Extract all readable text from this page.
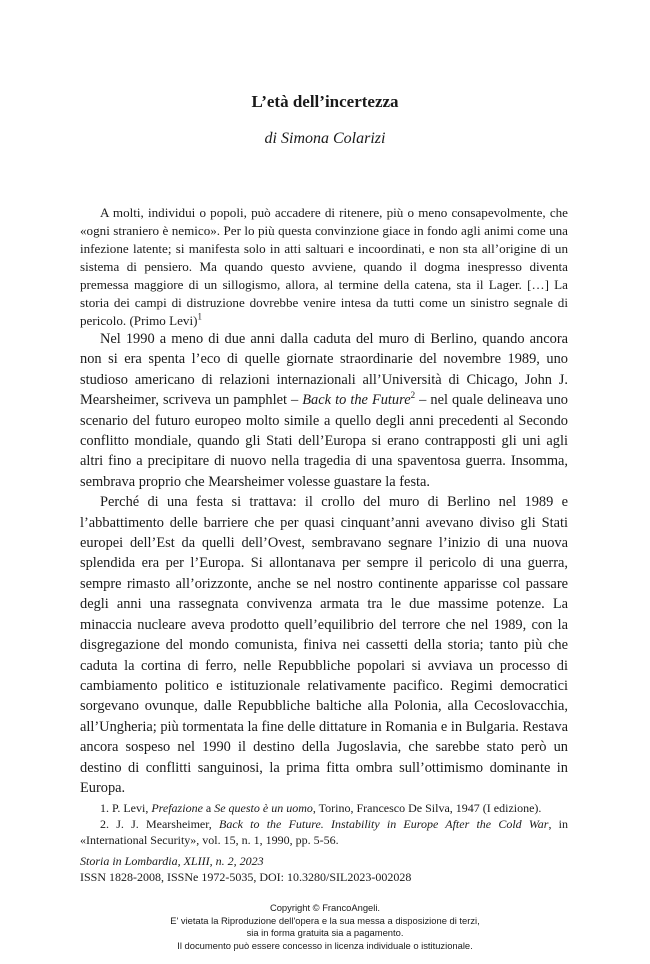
L’età dell’incertezza
di Simona Colarizi

A molti, individui o popoli, può accadere di ritenere, più o meno consapevolmente, che «ogni straniero è nemico». Per lo più questa convinzione giace in fondo agli animi come una infezione latente; si manifesta solo in atti saltuari e incoordinati, e non sta all’origine di un sistema di pensiero. Ma quando questo avviene, quando il dogma inespresso diventa premessa maggiore di un sillogismo, allora, al termine della catena, sta il Lager. […] La storia dei campi di distruzione dovrebbe venire intesa da tutti come un sinistro segnale di pericolo. (Primo Levi)$^1$

Nel 1990 a meno di due anni dalla caduta del muro di Berlino, quando ancora non si era spenta l’eco di quelle giornate straordinarie del novembre 1989, uno studioso americano di relazioni internazionali all’Università di Chicago, John J. Mearsheimer, scriveva un pamphlet – Back to the Future$^2$ – nel quale delineava uno scenario del futuro europeo molto simile a quello degli anni precedenti al Secondo conflitto mondiale, quando gli Stati dell’Europa si erano contrapposti gli uni agli altri fino a precipitare di nuovo nella tragedia di una spaventosa guerra. Insomma, sembrava proprio che Mearsheimer volesse guastare la festa.

Perché di una festa si trattava: il crollo del muro di Berlino nel 1989 e l’abbattimento delle barriere che per quasi cinquant’anni avevano diviso gli Stati europei dell’Est da quelli dell’Ovest, sembravano segnare l’inizio di una nuova splendida era per l’Europa. Si allontanava per sempre il pericolo di una guerra, sempre rimasto all’orizzonte, anche se nel nostro continente apparisse col passare degli anni una rassegnata convivenza armata tra le due massime potenze. La minaccia nucleare aveva prodotto quell’equilibrio del terrore che nel 1989, con la disgregazione del mondo comunista, finiva nei cassetti della storia; tanto più che caduta la cortina di ferro, nelle Repubbliche popolari si avviava un processo di cambiamento politico e istituzionale relativamente pacifico. Regimi democratici sorgevano ovunque, dalle Repubbliche baltiche alla Polonia, alla Cecoslovacchia, all’Ungheria; più tormentata la fine delle dittature in Romania e in Bulgaria. Restava ancora sospeso nel 1990 il destino della Jugoslavia, che sarebbe stato però un destino di conflitti sanguinosi, la prima fitta ombra sull’ottimismo dominante in Europa.

1. P. Levi, Prefazione a Se questo è un uomo, Torino, Francesco De Silva, 1947 (I edizione).

2. J. J. Mearsheimer, Back to the Future. Instability in Europe After the Cold War, in «International Security», vol. 15, n. 1, 1990, pp. 5-56.

Storia in Lombardia, XLIII, n. 2, 2023
ISSN 1828-2008, ISSNe 1972-5035, DOI: 10.3280/SIL2023-002028
Copyright © FrancoAngeli.
E' vietata la Riproduzione dell'opera e la sua messa a disposizione di terzi,
sia in forma gratuita sia a pagamento.
Il documento può essere concesso in licenza individuale o istituzionale.
